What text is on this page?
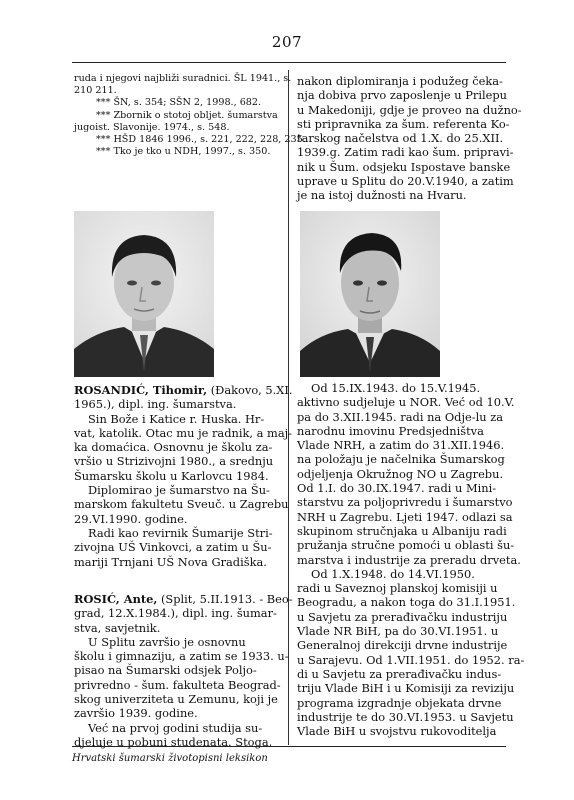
207
ruda i njegovi najbliži suradnici. ŠL 1941., s.
210 211.
*** ŠN, s. 354; SŠN 2, 1998., 682.
*** Zbornik o stotoj obljet. šumarstva
jugoist. Slavonije. 1974., s. 548.
*** HŠD 1846 1996., s. 221, 222, 228, 235.
*** Tko je tko u NDH, 1997., s. 350.
nakon diplomiranja i podužeg čeka-
nja dobiva prvo zaposlenje u Prilepu
u Makedoniji, gdje je proveo na dužno-
sti pripravnika za šum. referenta Ko-
tarskog načelstva od 1.X. do 25.XII.
1939.g. Zatim radi kao šum. pripravi-
nik u Šum. odsjeku Ispostave banske
uprave u Splitu do 20.V.1940, a zatim
je na istoj dužnosti na Hvaru.
ROSANDIĆ, Tihomir, (Đakovo, 5.XI.
1965.), dipl. ing. šumarstva.
Sin Bože i Katice r. Huska. Hr-
vat, katolik. Otac mu je radnik, a maj-
ka domaćica. Osnovnu je školu za-
vršio u Strizivojni 1980., a srednju
Šumarsku školu u Karlovcu 1984.
Diplomirao je šumarstvo na Šu-
marskom fakultetu Sveuč. u Zagrebu
29.VI.1990. godine.
Radi kao revirnik Šumarije Stri-
zivojna UŠ Vinkovci, a zatim u Šu-
mariji Trnjani UŠ Nova Gradiška.
ROSIĆ, Ante, (Split, 5.II.1913. - Beo-
grad, 12.X.1984.), dipl. ing. šumar-
stva, savjetnik.
U Splitu završio je osnovnu
školu i gimnaziju, a zatim se 1933. u-
pisao na Šumarski odsjek Poljo-
privredno - šum. fakulteta Beograd-
skog univerziteta u Zemunu, koji je
završio 1939. godine.
Već na prvoj godini studija su-
djeluje u pobuni studenata. Stoga,
Od 15.IX.1943. do 15.V.1945.
aktivno sudjeluje u NOR. Već od 10.V.
pa do 3.XII.1945. radi na Odje-lu za
narodnu imovinu Predsjedništva
Vlade NRH, a zatim do 31.XII.1946.
na položaju je načelnika Šumarskog
odjeljenja Okružnog NO u Zagrebu.
Od 1.I. do 30.IX.1947. radi u Mini-
starstvu za poljoprivredu i šumarstvo
NRH u Zagrebu. Ljeti 1947. odlazi sa
skupinom stručnjaka u Albaniju radi
pružanja stručne pomoći u oblasti šu-
marstva i industrije za preradu drveta.
Od 1.X.1948. do 14.VI.1950.
radi u Saveznoj planskoj komisiji u
Beogradu, a nakon toga do 31.I.1951.
u Savjetu za prerađivačku industriju
Vlade NR BiH, pa do 30.VI.1951. u
Generalnoj direkciji drvne industrije
u Sarajevu. Od 1.VII.1951. do 1952. ra-
di u Savjetu za prerađivačku indus-
triju Vlade BiH i u Komisiji za reviziju
programa izgradnje objekata drvne
industrije te do 30.VI.1953. u Savjetu
Vlade BiH u svojstvu rukovoditelja
Hrvatski šumarski životopisni leksikon
